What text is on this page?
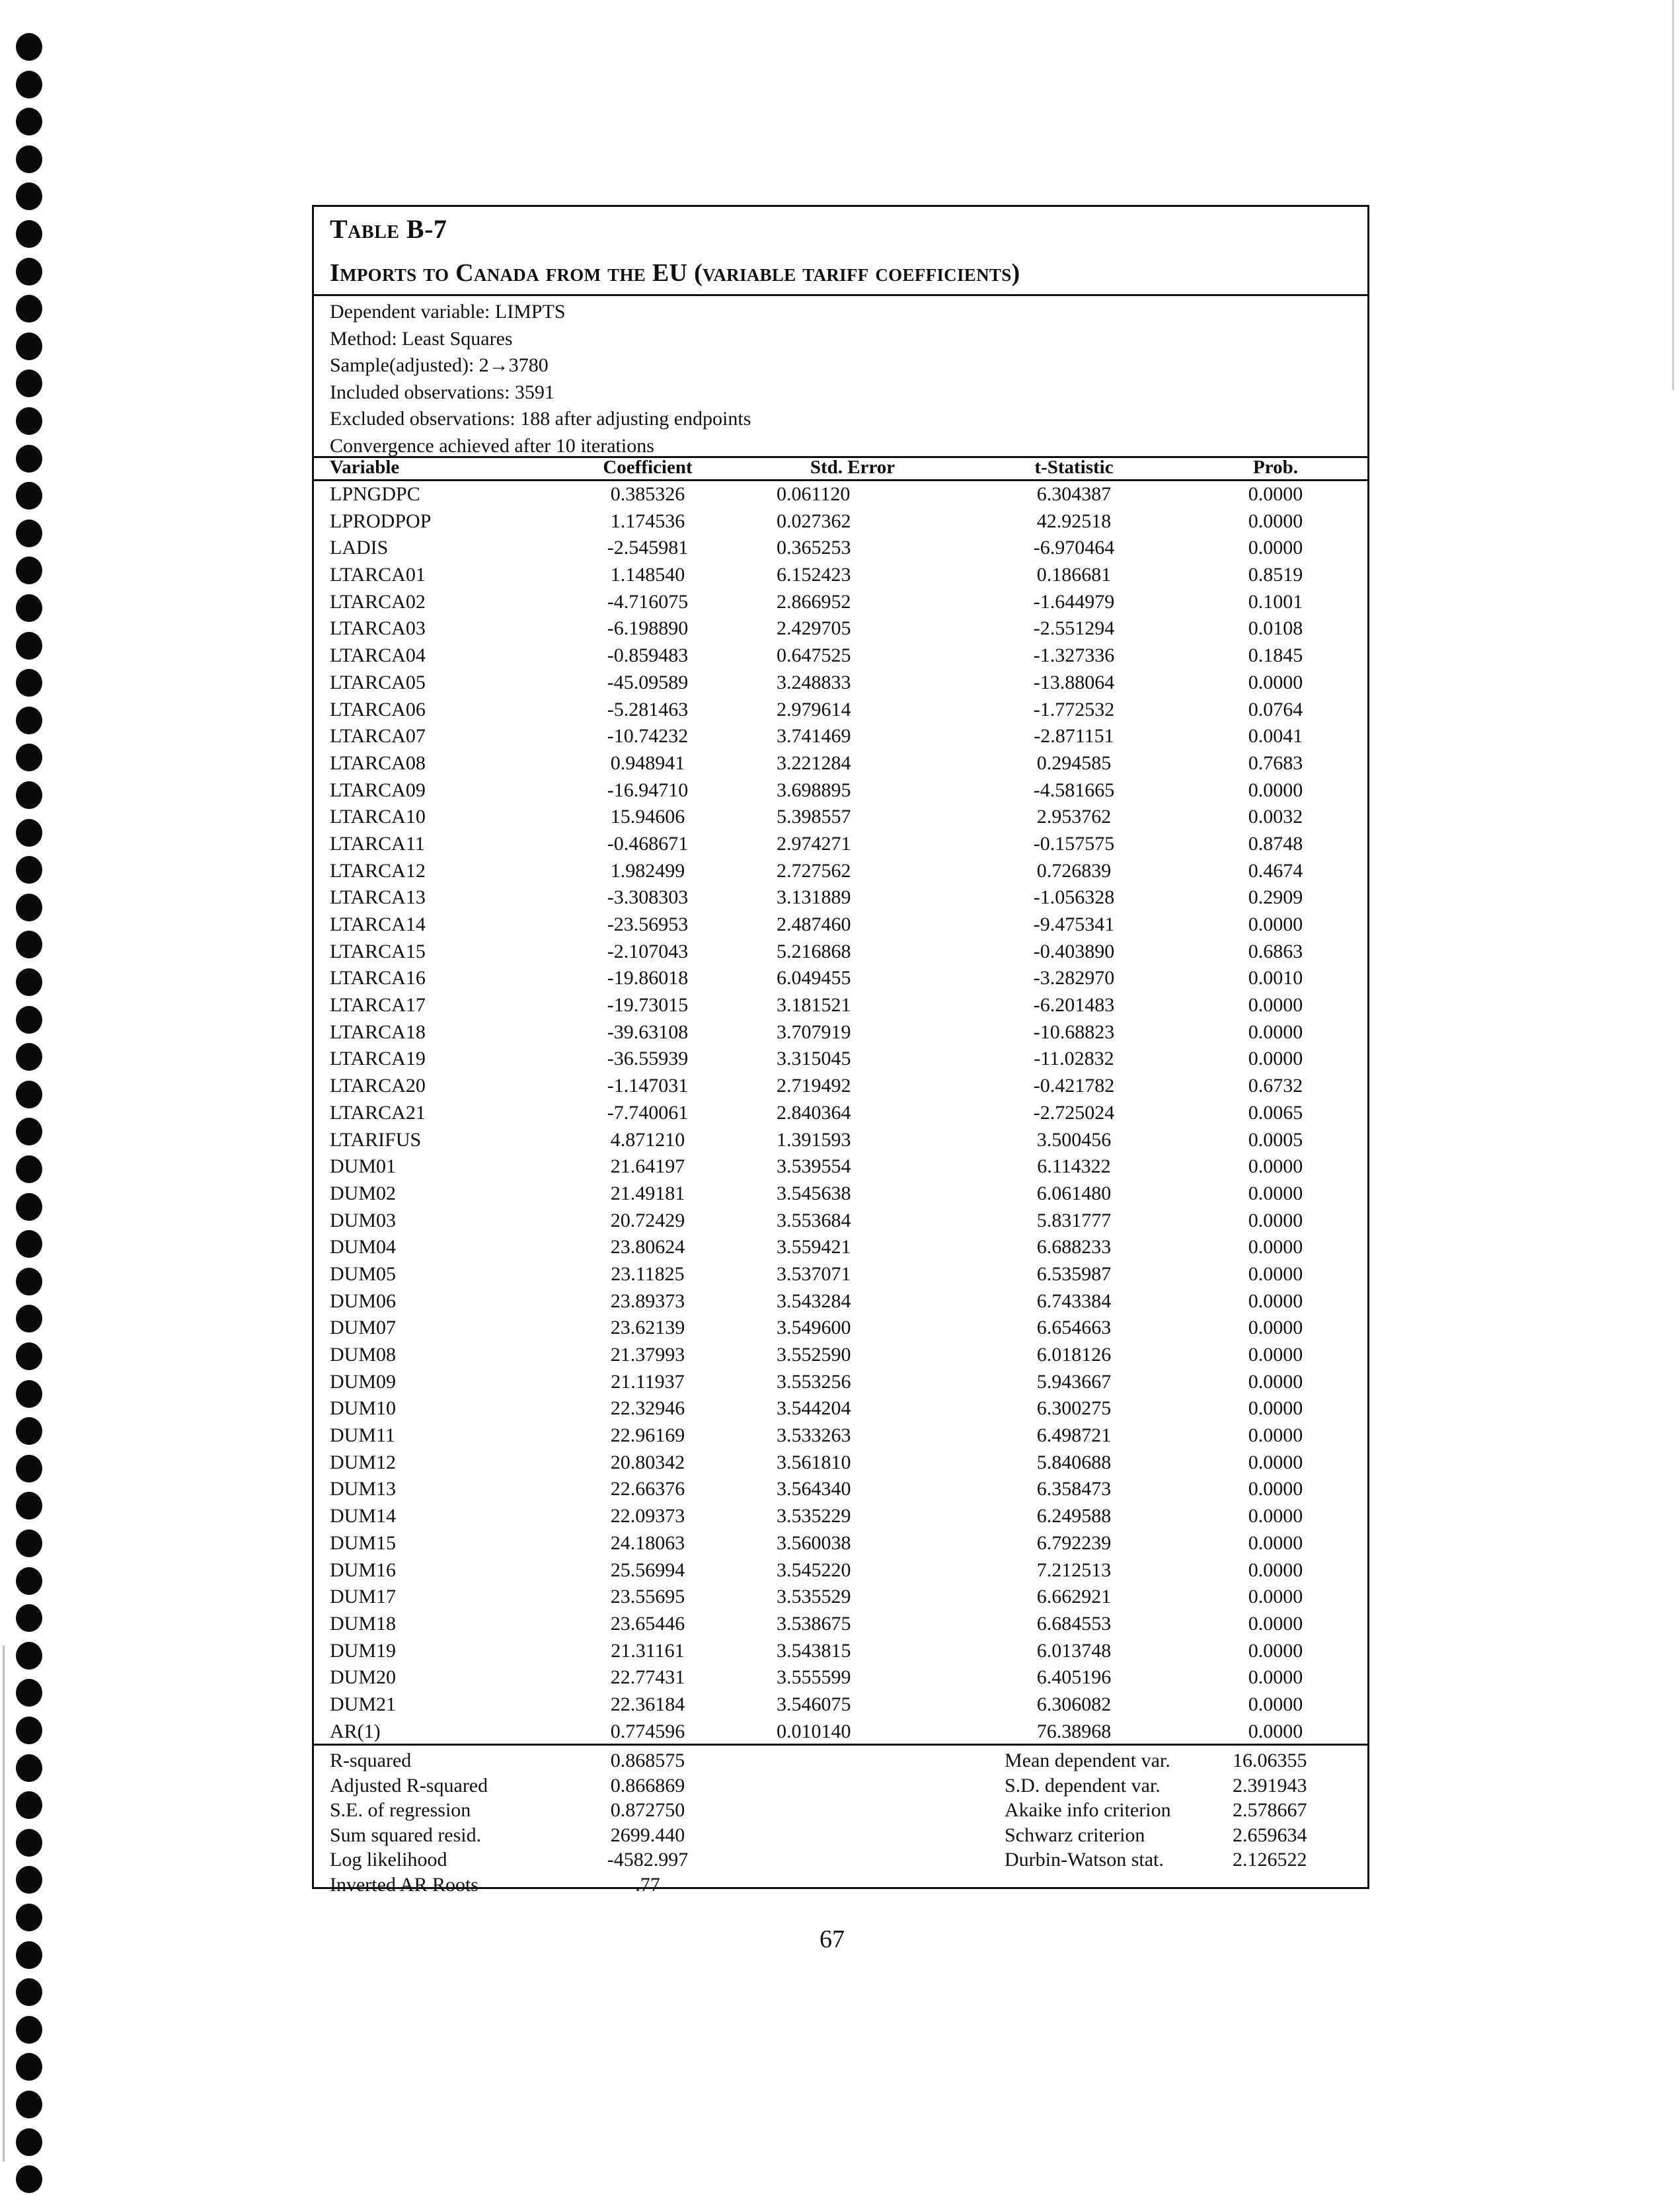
Table B-7
Imports to Canada from the EU (variable tariff coefficients)
Dependent variable: LIMPTS
Method: Least Squares
Sample(adjusted): 2→3780
Included observations: 3591
Excluded observations: 188 after adjusting endpoints
Convergence achieved after 10 iterations
Variable	Coefficient	Std. Error	t-Statistic	Prob.
LPNGDPC	0.385326	0.061120	6.304387	0.0000
LPRODPOP	1.174536	0.027362	42.92518	0.0000
LADIS	-2.545981	0.365253	-6.970464	0.0000
LTARCA01	1.148540	6.152423	0.186681	0.8519
LTARCA02	-4.716075	2.866952	-1.644979	0.1001
LTARCA03	-6.198890	2.429705	-2.551294	0.0108
LTARCA04	-0.859483	0.647525	-1.327336	0.1845
LTARCA05	-45.09589	3.248833	-13.88064	0.0000
LTARCA06	-5.281463	2.979614	-1.772532	0.0764
LTARCA07	-10.74232	3.741469	-2.871151	0.0041
LTARCA08	0.948941	3.221284	0.294585	0.7683
LTARCA09	-16.94710	3.698895	-4.581665	0.0000
LTARCA10	15.94606	5.398557	2.953762	0.0032
LTARCA11	-0.468671	2.974271	-0.157575	0.8748
LTARCA12	1.982499	2.727562	0.726839	0.4674
LTARCA13	-3.308303	3.131889	-1.056328	0.2909
LTARCA14	-23.56953	2.487460	-9.475341	0.0000
LTARCA15	-2.107043	5.216868	-0.403890	0.6863
LTARCA16	-19.86018	6.049455	-3.282970	0.0010
LTARCA17	-19.73015	3.181521	-6.201483	0.0000
LTARCA18	-39.63108	3.707919	-10.68823	0.0000
LTARCA19	-36.55939	3.315045	-11.02832	0.0000
LTARCA20	-1.147031	2.719492	-0.421782	0.6732
LTARCA21	-7.740061	2.840364	-2.725024	0.0065
LTARIFUS	4.871210	1.391593	3.500456	0.0005
DUM01	21.64197	3.539554	6.114322	0.0000
DUM02	21.49181	3.545638	6.061480	0.0000
DUM03	20.72429	3.553684	5.831777	0.0000
DUM04	23.80624	3.559421	6.688233	0.0000
DUM05	23.11825	3.537071	6.535987	0.0000
DUM06	23.89373	3.543284	6.743384	0.0000
DUM07	23.62139	3.549600	6.654663	0.0000
DUM08	21.37993	3.552590	6.018126	0.0000
DUM09	21.11937	3.553256	5.943667	0.0000
DUM10	22.32946	3.544204	6.300275	0.0000
DUM11	22.96169	3.533263	6.498721	0.0000
DUM12	20.80342	3.561810	5.840688	0.0000
DUM13	22.66376	3.564340	6.358473	0.0000
DUM14	22.09373	3.535229	6.249588	0.0000
DUM15	24.18063	3.560038	6.792239	0.0000
DUM16	25.56994	3.545220	7.212513	0.0000
DUM17	23.55695	3.535529	6.662921	0.0000
DUM18	23.65446	3.538675	6.684553	0.0000
DUM19	21.31161	3.543815	6.013748	0.0000
DUM20	22.77431	3.555599	6.405196	0.0000
DUM21	22.36184	3.546075	6.306082	0.0000
AR(1)	0.774596	0.010140	76.38968	0.0000
R-squared	0.868575	Mean dependent var.	16.06355
Adjusted R-squared	0.866869	S.D. dependent var.	2.391943
S.E. of regression	0.872750	Akaike info criterion	2.578667
Sum squared resid.	2699.440	Schwarz criterion	2.659634
Log likelihood	-4582.997	Durbin-Watson stat.	2.126522
Inverted AR Roots	.77
67
